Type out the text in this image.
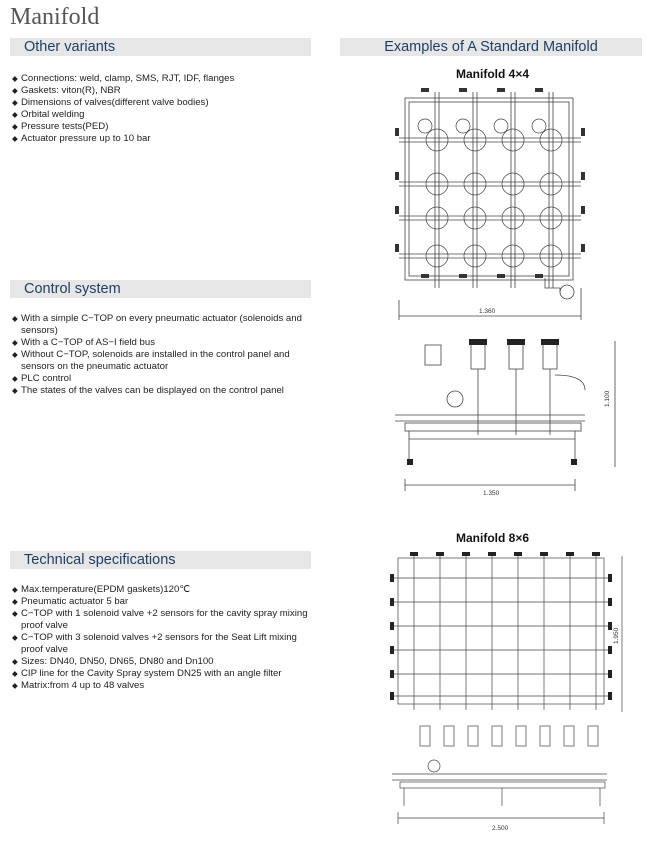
Manifold
Other variants
◆ Connections: weld, clamp, SMS, RJT, IDF, flanges
◆ Gaskets: viton(R), NBR
◆ Dimensions of valves(different valve bodies)
◆ Orbital welding
◆ Pressure tests(PED)
◆ Actuator pressure up to 10 bar
Control system
◆ With a simple C−TOP on every pneumatic actuator (solenoids and sensors)
◆ With a C−TOP of AS−I field bus
◆ Without C−TOP, solenoids are installed in the control panel and sensors on the pneumatic actuator
◆ PLC control
◆ The states of the valves can be displayed on the control panel
Technical specifications
◆ Max.temperature(EPDM gaskets)120℃
◆ Pneumatic actuator 5 bar
◆ C−TOP with 1 solenoid valve +2 sensors for the cavity spray mixing proof valve
◆ C−TOP with 3 solenoid valves +2 sensors for the Seat Lift mixing proof valve
◆ Sizes: DN40, DN50, DN65, DN80 and Dn100
◆ CIP line for the Cavity Spray system DN25 with an angle filter
◆ Matrix:from 4 up to 48 valves
Examples of A Standard Manifold
Manifold 4×4
1.360
1.350
1.100
Manifold 8×6
1.950
2.500
